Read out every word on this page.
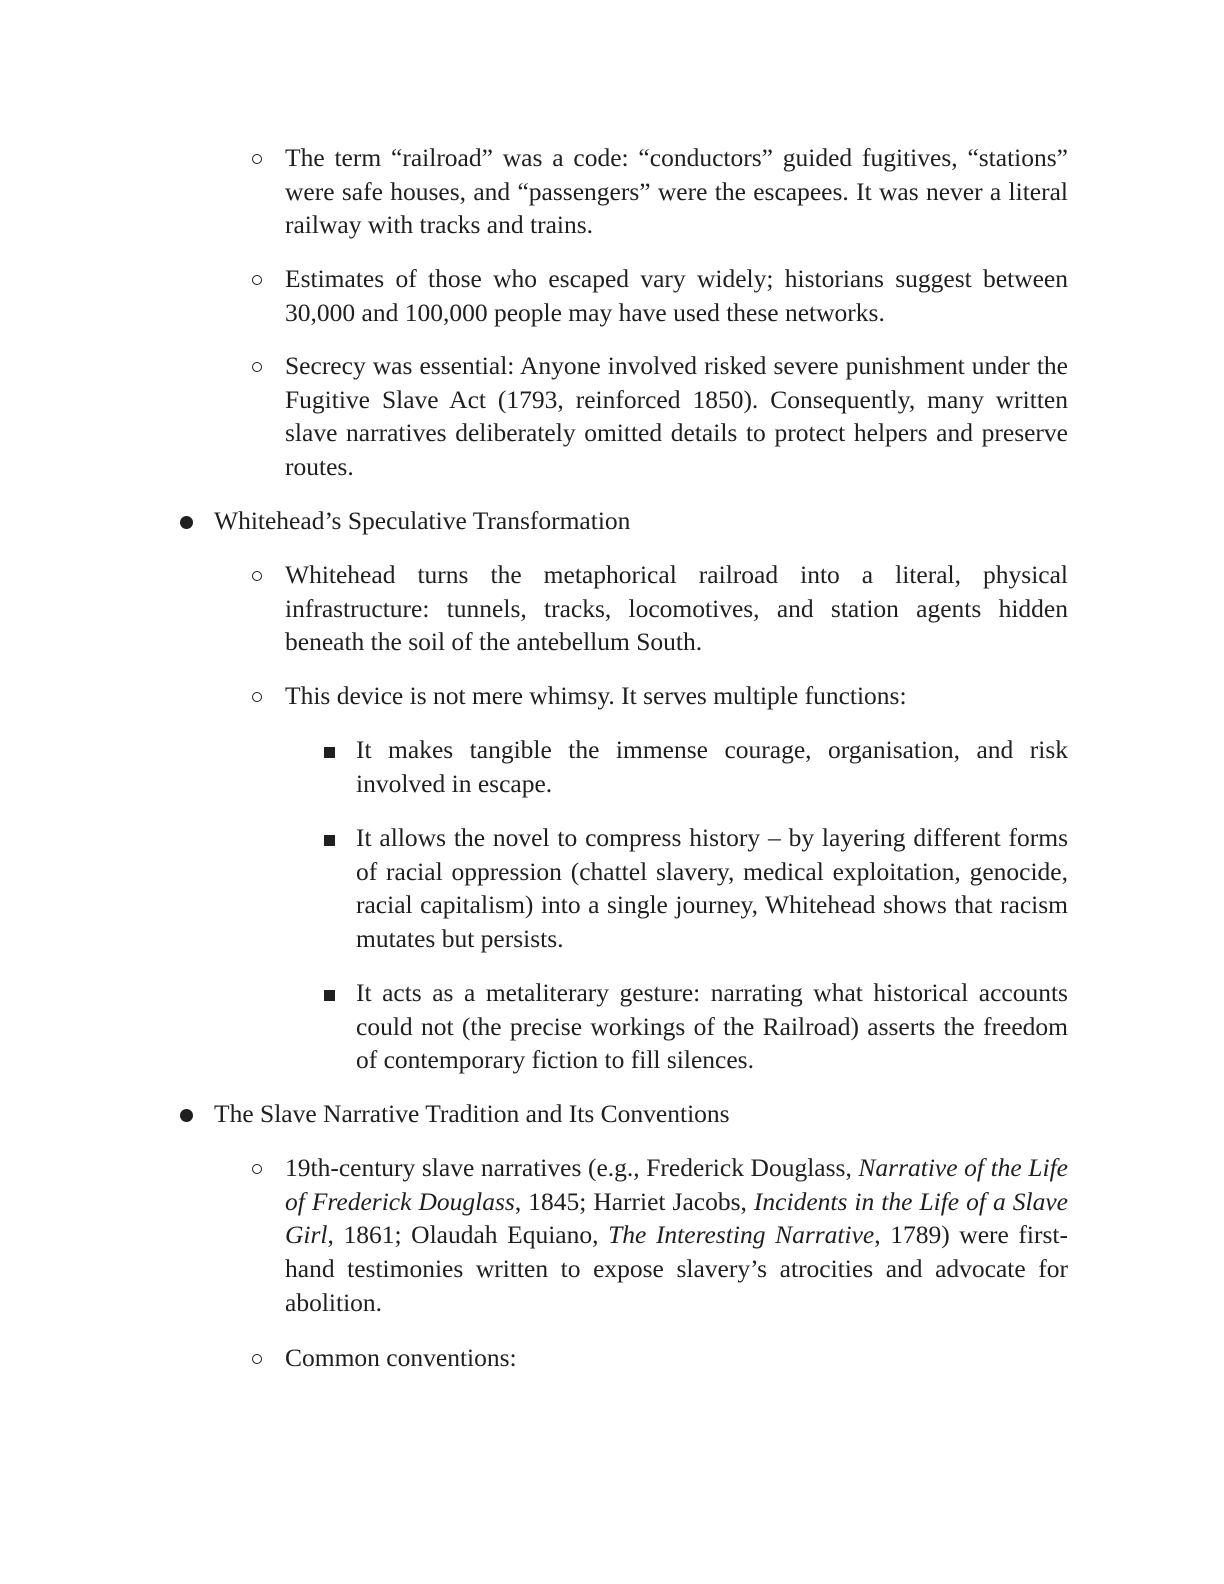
The term “railroad” was a code: “conductors” guided fugitives, “stations” were safe houses, and “passengers” were the escapees. It was never a literal railway with tracks and trains.
Estimates of those who escaped vary widely; historians suggest between 30,000 and 100,000 people may have used these networks.
Secrecy was essential: Anyone involved risked severe punishment under the Fugitive Slave Act (1793, reinforced 1850). Consequently, many written slave narratives deliberately omitted details to protect helpers and preserve routes.
Whitehead’s Speculative Transformation
Whitehead turns the metaphorical railroad into a literal, physical infrastructure: tunnels, tracks, locomotives, and station agents hidden beneath the soil of the antebellum South.
This device is not mere whimsy. It serves multiple functions:
It makes tangible the immense courage, organisation, and risk involved in escape.
It allows the novel to compress history – by layering different forms of racial oppression (chattel slavery, medical exploitation, genocide, racial capitalism) into a single journey, Whitehead shows that racism mutates but persists.
It acts as a metaliterary gesture: narrating what historical accounts could not (the precise workings of the Railroad) asserts the freedom of contemporary fiction to fill silences.
The Slave Narrative Tradition and Its Conventions
19th-century slave narratives (e.g., Frederick Douglass, Narrative of the Life of Frederick Douglass, 1845; Harriet Jacobs, Incidents in the Life of a Slave Girl, 1861; Olaudah Equiano, The Interesting Narrative, 1789) were first-hand testimonies written to expose slavery’s atrocities and advocate for abolition.
Common conventions:
